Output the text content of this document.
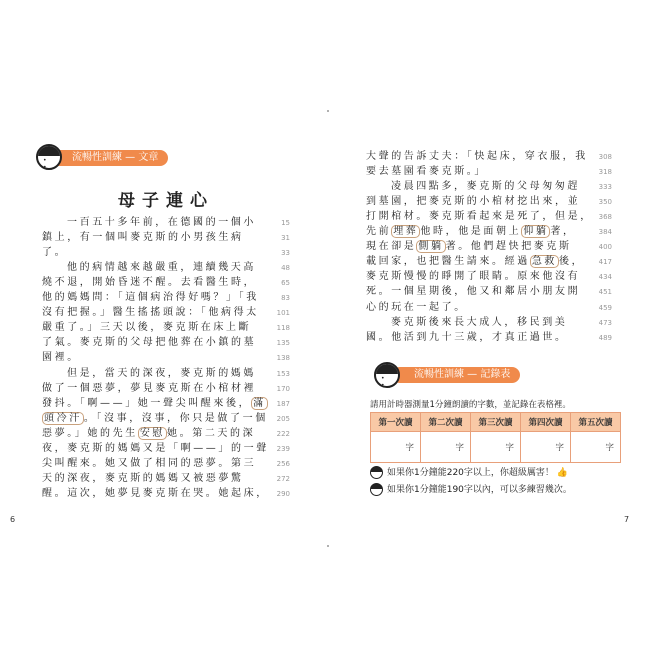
流暢性訓練 — 文章
• •
母子連心
一百五十多年前，在德國的一個小	15
鎮上，有一個叫麥克斯的小男孩生病	31
了。	33
他的病情越來越嚴重，連續幾天高	48
燒不退，開始昏迷不醒。去看醫生時，	65
他的媽媽問：「這個病治得好嗎？」「我	83
沒有把握。」醫生搖搖頭說：「他病得太	101
嚴重了。」三天以後，麥克斯在床上斷	118
了氣。麥克斯的父母把他葬在小鎮的墓	135
園裡。	138
但是，當天的深夜，麥克斯的媽媽	153
做了一個惡夢，夢見麥克斯在小棺材裡	170
發抖。「啊——」她一聲尖叫醒來後， 滿	187
頭冷汗 。「沒事，沒事，你只是做了一個	205
惡夢。」她的先生 安慰 她。第二天的深	222
夜，麥克斯的媽媽又是「啊——」的一聲	239
尖叫醒來。她又做了相同的惡夢。第三	256
天的深夜，麥克斯的媽媽又被惡夢驚	272
醒。這次，她夢見麥克斯在哭。她起床，	290
6
大聲的告訴丈夫：「快起床，穿衣服，我	308
要去墓園看麥克斯。」	318
凌晨四點多，麥克斯的父母匆匆趕	333
到墓園，把麥克斯的小棺材挖出來，並	350
打開棺材。麥克斯看起來是死了，但是， 368
先前 埋葬 他時，他是面朝上 仰躺 著，	384
現在卻是 側躺 著。他們趕快把麥克斯	400
載回家，也把醫生請來。經過 急救 後，	417
麥克斯慢慢的睜開了眼睛。原來他沒有	434
死。一個星期後，他又和鄰居小朋友開	451
心的玩在一起了。	459
麥克斯後來長大成人，移民到美	473
國。他活到九十三歲，才真正過世。	489
流暢性訓練 — 記錄表
• •
請用計時器測量1分鐘朗讀的字數，並記錄在表格裡。
第一次讀	第二次讀	第三次讀	第四次讀	第五次讀
字	字	字	字	字
如果你1分鐘能220字以上，你超級厲害！ 👍
如果你1分鐘能190字以內，可以多練習幾次。
7
